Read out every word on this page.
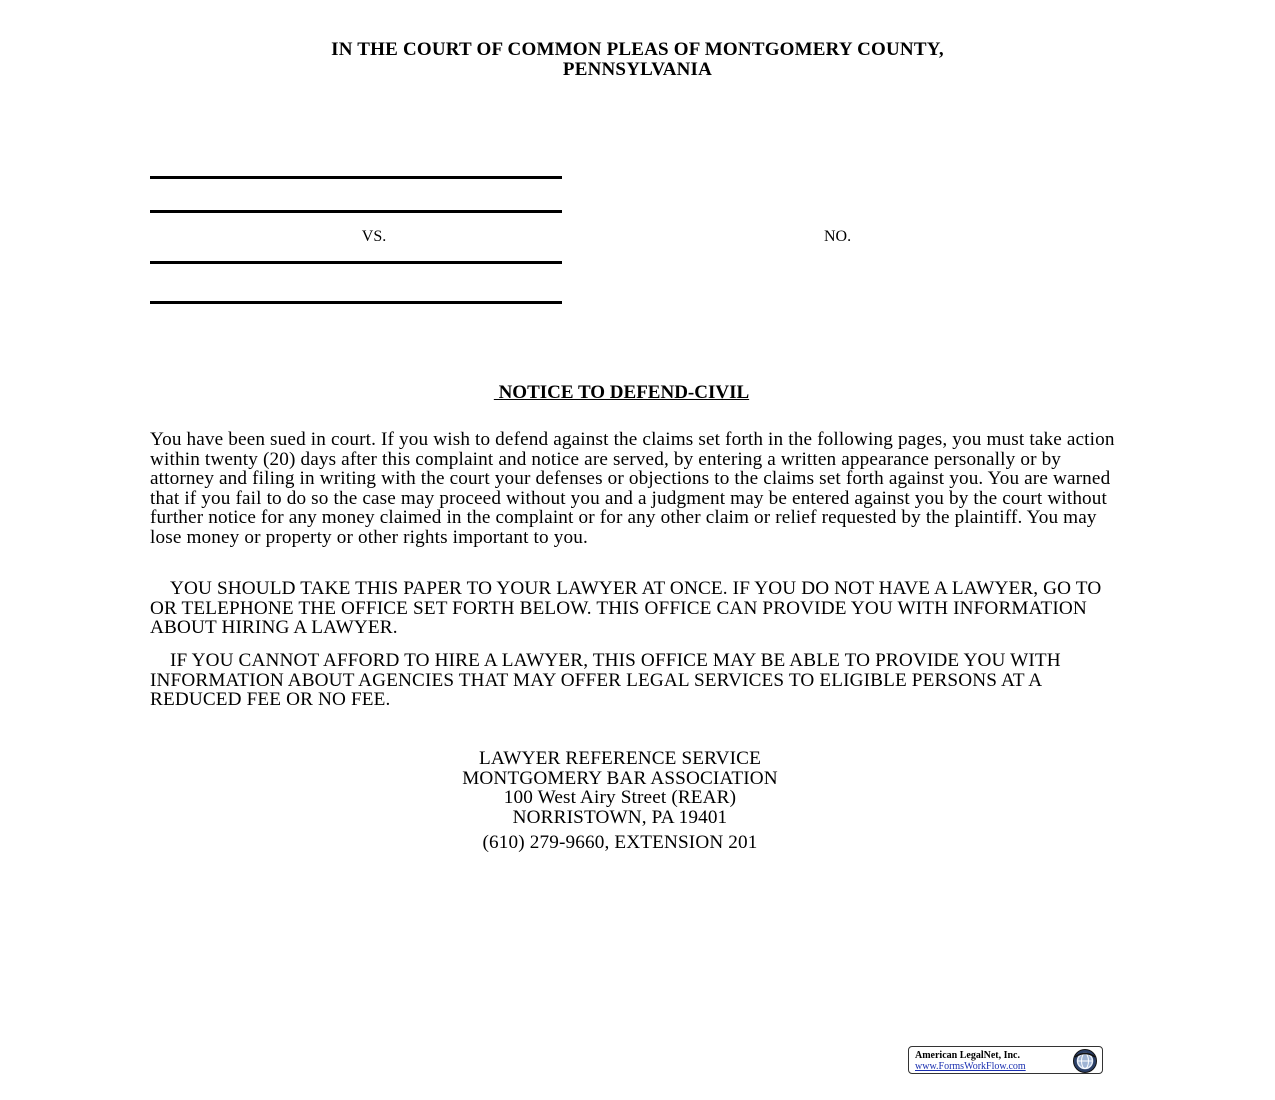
IN THE COURT OF COMMON PLEAS OF MONTGOMERY COUNTY,
PENNSYLVANIA
VS.	NO.
NOTICE TO DEFEND-CIVIL
You have been sued in court. If you wish to defend against the claims set forth in the following pages, you must take action within twenty (20) days after this complaint and notice are served, by entering a written appearance personally or by attorney and filing in writing with the court your defenses or objections to the claims set forth against you. You are warned that if you fail to do so the case may proceed without you and a judgment may be entered against you by the court without further notice for any money claimed in the complaint or for any other claim or relief requested by the plaintiff. You may lose money or property or other rights important to you.
YOU SHOULD TAKE THIS PAPER TO YOUR LAWYER AT ONCE. IF YOU DO NOT HAVE A LAWYER, GO TO OR TELEPHONE THE OFFICE SET FORTH BELOW. THIS OFFICE CAN PROVIDE YOU WITH INFORMATION ABOUT HIRING A LAWYER.
IF YOU CANNOT AFFORD TO HIRE A LAWYER, THIS OFFICE MAY BE ABLE TO PROVIDE YOU WITH INFORMATION ABOUT AGENCIES THAT MAY OFFER LEGAL SERVICES TO ELIGIBLE PERSONS AT A REDUCED FEE OR NO FEE.
LAWYER REFERENCE SERVICE
MONTGOMERY BAR ASSOCIATION
100 West Airy Street (REAR)
NORRISTOWN, PA 19401
(610) 279-9660, EXTENSION 201
American LegalNet, Inc.
www.FormsWorkFlow.com
